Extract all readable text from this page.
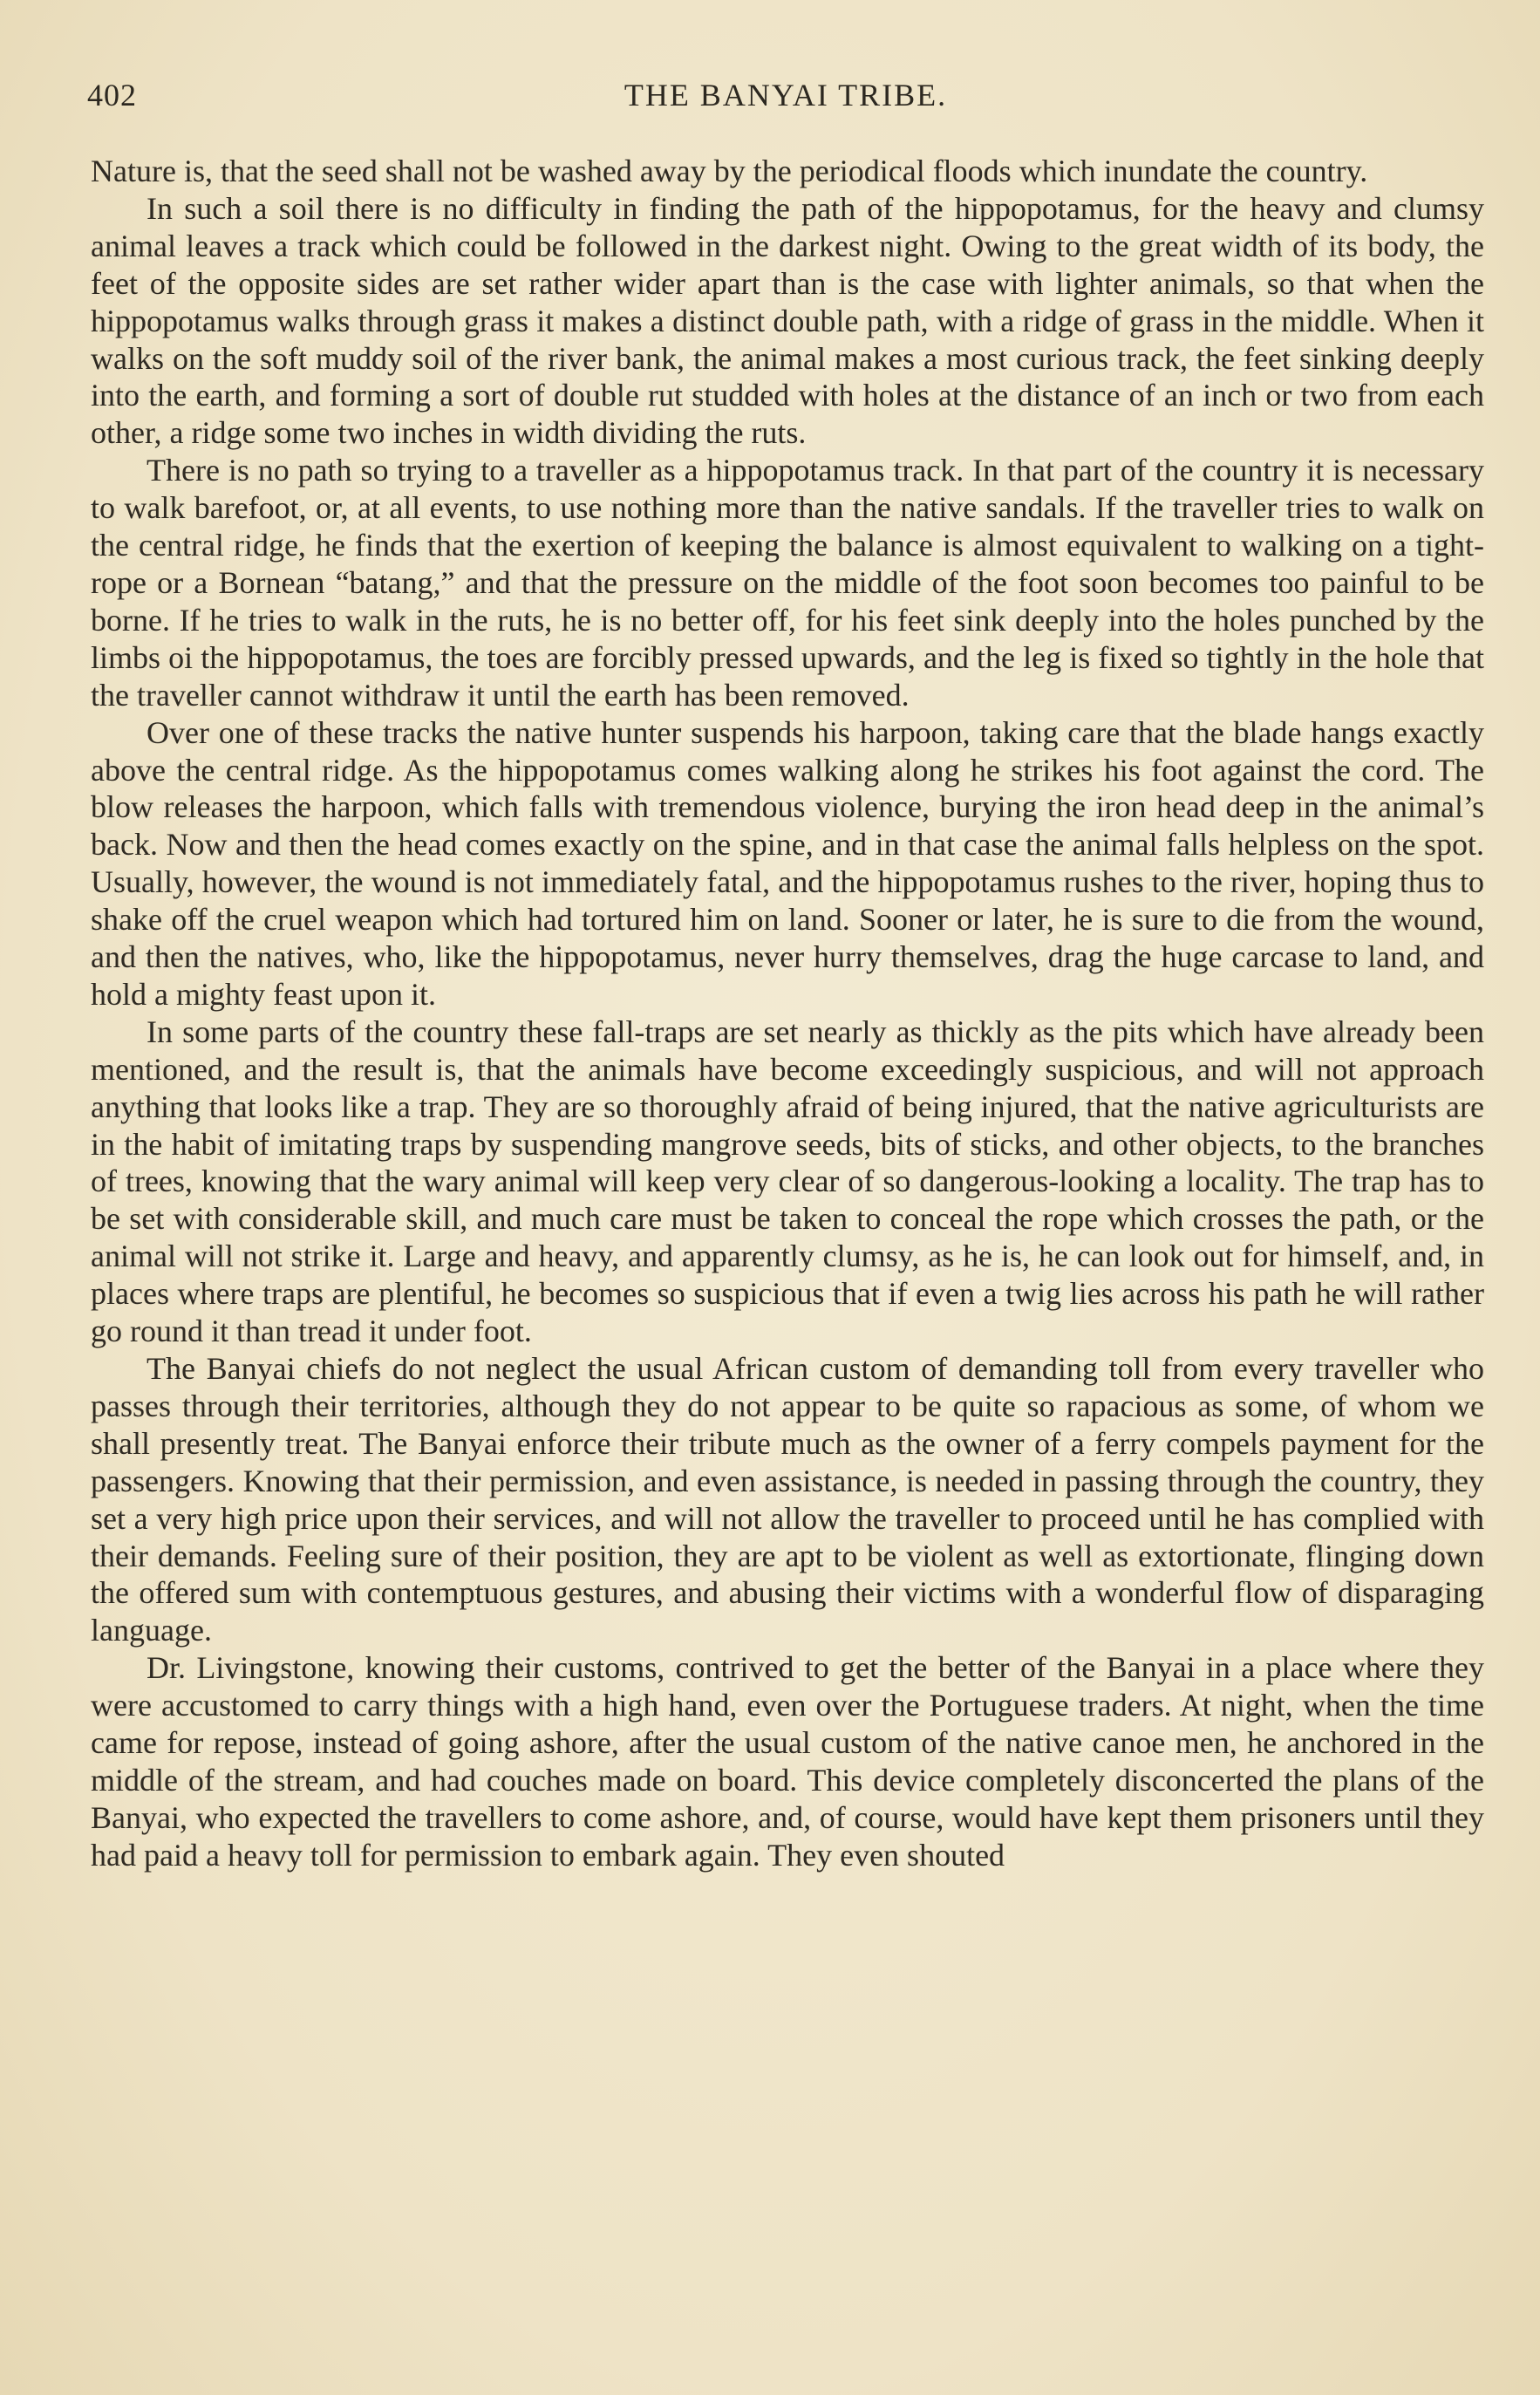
402	THE BANYAI TRIBE.

Nature is, that the seed shall not be washed away by the periodical floods which inundate the country.

In such a soil there is no difficulty in finding the path of the hippopotamus, for the heavy and clumsy animal leaves a track which could be followed in the darkest night. Owing to the great width of its body, the feet of the opposite sides are set rather wider apart than is the case with lighter animals, so that when the hippopotamus walks through grass it makes a distinct double path, with a ridge of grass in the middle. When it walks on the soft muddy soil of the river bank, the animal makes a most curious track, the feet sinking deeply into the earth, and forming a sort of double rut studded with holes at the distance of an inch or two from each other, a ridge some two inches in width dividing the ruts.

There is no path so trying to a traveller as a hippopotamus track. In that part of the country it is necessary to walk barefoot, or, at all events, to use nothing more than the native sandals. If the traveller tries to walk on the central ridge, he finds that the exertion of keeping the balance is almost equivalent to walking on a tight-rope or a Bornean “batang,” and that the pressure on the middle of the foot soon becomes too painful to be borne. If he tries to walk in the ruts, he is no better off, for his feet sink deeply into the holes punched by the limbs oi the hippopotamus, the toes are forcibly pressed upwards, and the leg is fixed so tightly in the hole that the traveller cannot withdraw it until the earth has been removed.

Over one of these tracks the native hunter suspends his harpoon, taking care that the blade hangs exactly above the central ridge. As the hippopotamus comes walking along he strikes his foot against the cord. The blow releases the harpoon, which falls with tremendous violence, burying the iron head deep in the animal’s back. Now and then the head comes exactly on the spine, and in that case the animal falls helpless on the spot. Usually, however, the wound is not immediately fatal, and the hippopotamus rushes to the river, hoping thus to shake off the cruel weapon which had tortured him on land. Sooner or later, he is sure to die from the wound, and then the natives, who, like the hippopotamus, never hurry themselves, drag the huge carcase to land, and hold a mighty feast upon it.

In some parts of the country these fall-traps are set nearly as thickly as the pits which have already been mentioned, and the result is, that the animals have become exceedingly suspicious, and will not approach anything that looks like a trap. They are so thoroughly afraid of being injured, that the native agriculturists are in the habit of imitating traps by suspending mangrove seeds, bits of sticks, and other objects, to the branches of trees, knowing that the wary animal will keep very clear of so dangerous-looking a locality. The trap has to be set with considerable skill, and much care must be taken to conceal the rope which crosses the path, or the animal will not strike it. Large and heavy, and apparently clumsy, as he is, he can look out for himself, and, in places where traps are plentiful, he becomes so suspicious that if even a twig lies across his path he will rather go round it than tread it under foot.

The Banyai chiefs do not neglect the usual African custom of demanding toll from every traveller who passes through their territories, although they do not appear to be quite so rapacious as some, of whom we shall presently treat. The Banyai enforce their tribute much as the owner of a ferry compels payment for the passengers. Knowing that their permission, and even assistance, is needed in passing through the country, they set a very high price upon their services, and will not allow the traveller to proceed until he has complied with their demands. Feeling sure of their position, they are apt to be violent as well as extortionate, flinging down the offered sum with contemptuous gestures, and abusing their victims with a wonderful flow of disparaging language.

Dr. Livingstone, knowing their customs, contrived to get the better of the Banyai in a place where they were accustomed to carry things with a high hand, even over the Portuguese traders. At night, when the time came for repose, instead of going ashore, after the usual custom of the native canoe men, he anchored in the middle of the stream, and had couches made on board. This device completely disconcerted the plans of the Banyai, who expected the travellers to come ashore, and, of course, would have kept them prisoners until they had paid a heavy toll for permission to embark again. They even shouted
